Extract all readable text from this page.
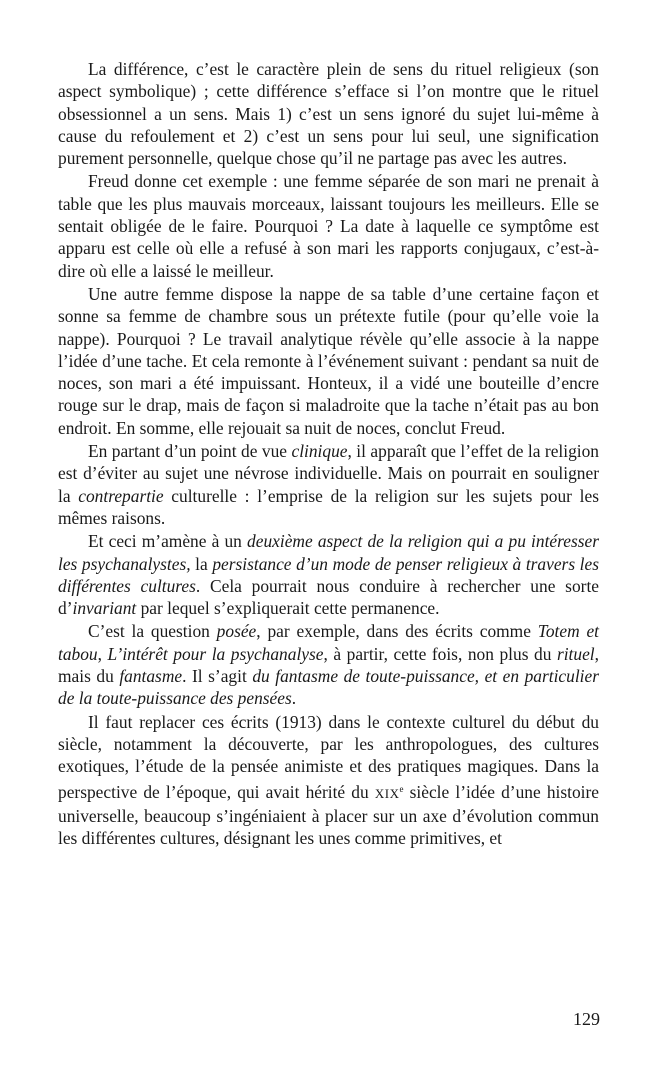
La différence, c’est le caractère plein de sens du rituel religieux (son aspect symbolique) ; cette différence s’efface si l’on montre que le rituel obsessionnel a un sens. Mais 1) c’est un sens ignoré du sujet lui-même à cause du refoulement et 2) c’est un sens pour lui seul, une signification purement personnelle, quelque chose qu’il ne partage pas avec les autres.

Freud donne cet exemple : une femme séparée de son mari ne prenait à table que les plus mauvais morceaux, laissant toujours les meilleurs. Elle se sentait obligée de le faire. Pourquoi ? La date à laquelle ce symptôme est apparu est celle où elle a refusé à son mari les rapports conjugaux, c’est-à-dire où elle a laissé le meilleur.

Une autre femme dispose la nappe de sa table d’une certaine façon et sonne sa femme de chambre sous un prétexte futile (pour qu’elle voie la nappe). Pourquoi ? Le travail analytique révèle qu’elle associe à la nappe l’idée d’une tache. Et cela remonte à l’événement suivant : pendant sa nuit de noces, son mari a été impuissant. Honteux, il a vidé une bouteille d’encre rouge sur le drap, mais de façon si maladroite que la tache n’était pas au bon endroit. En somme, elle rejouait sa nuit de noces, conclut Freud.

En partant d’un point de vue clinique, il apparaît que l’effet de la religion est d’éviter au sujet une névrose individuelle. Mais on pourrait en souligner la contrepartie culturelle : l’emprise de la religion sur les sujets pour les mêmes raisons.

Et ceci m’amène à un deuxième aspect de la religion qui a pu intéresser les psychanalystes, la persistance d’un mode de penser religieux à travers les différentes cultures. Cela pourrait nous conduire à rechercher une sorte d’invariant par lequel s’expliquerait cette permanence.

C’est la question posée, par exemple, dans des écrits comme Totem et tabou, L’intérêt pour la psychanalyse, à partir, cette fois, non plus du rituel, mais du fantasme. Il s’agit du fantasme de toute-puissance, et en particulier de la toute-puissance des pensées.

Il faut replacer ces écrits (1913) dans le contexte culturel du début du siècle, notamment la découverte, par les anthropologues, des cultures exotiques, l’étude de la pensée animiste et des pratiques magiques. Dans la perspective de l’époque, qui avait hérité du XIXe siècle l’idée d’une histoire universelle, beaucoup s’ingéniaient à placer sur un axe d’évolution commun les différentes cultures, désignant les unes comme primitives, et

129
